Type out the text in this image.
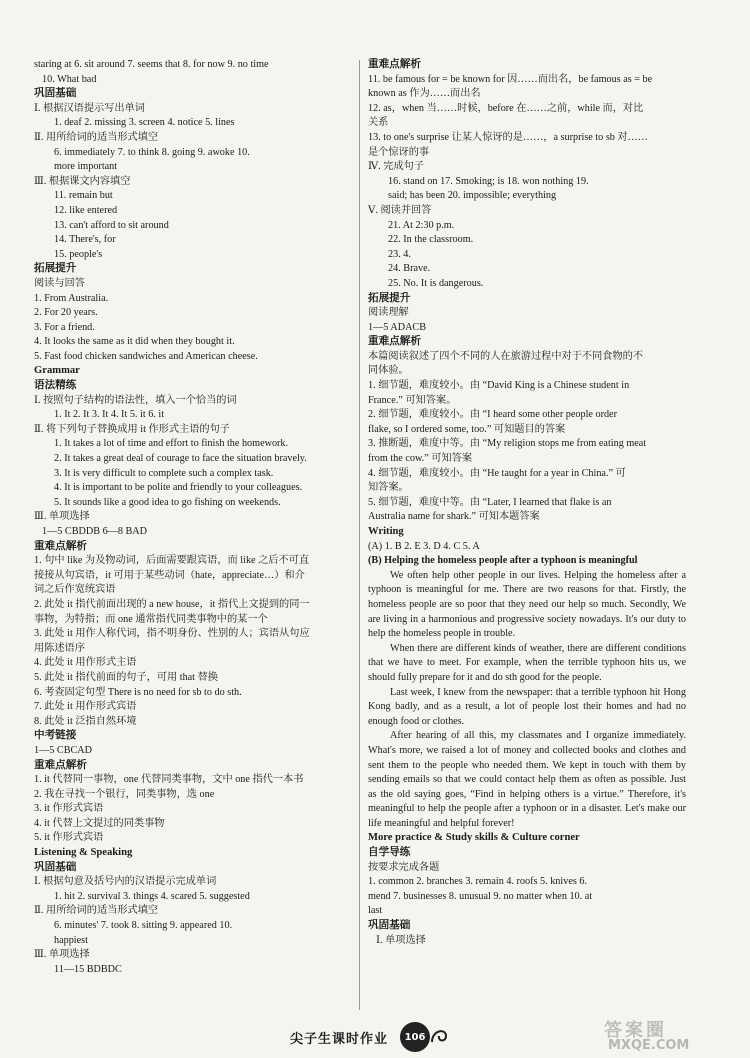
staring at 6. sit around 7. seems that 8. for now 9. no time
10. What bad
巩固基础
Ⅰ. 根据汉语提示写出单词
1. deaf 2. missing 3. screen 4. notice 5. lines
Ⅱ. 用所给词的适当形式填空
6. immediately 7. to think 8. going 9. awoke 10.
more important
Ⅲ. 根据课文内容填空
11. remain but
12. like entered
13. can't afford to sit around
14. There's, for
15. people's
拓展提升
阅读与回答
1. From Australia.
2. For 20 years.
3. For a friend.
4. It looks the same as it did when they bought it.
5. Fast food chicken sandwiches and American cheese.
Grammar
语法精练
Ⅰ. 按照句子结构的语法性，填入一个恰当的词
1. It 2. It 3. It 4. It 5. it 6. it
Ⅱ. 将下列句子替换成用 it 作形式主语的句子
1. It takes a lot of time and effort to finish the homework.
2. It takes a great deal of courage to face the situation bravely.
3. It is very difficult to complete such a complex task.
4. It is important to be polite and friendly to your colleagues.
5. It sounds like a good idea to go fishing on weekends.
Ⅲ. 单项选择
1—5 CBDDB 6—8 BAD
重难点解析
1. 句中 like 为及物动词，后面需要跟宾语，而 like 之后不可直
接接从句宾语，it 可用于某些动词（hate，appreciate…）和介
词之后作宽统宾语
2. 此处 it 指代前面出现的 a new house，it 指代上文提到的同一
事物，为特指；而 one 通常指代同类事物中的某一个
3. 此处 it 用作人称代词，指不明身份、性别的人；宾语从句应
用陈述语序
4. 此处 it 用作形式主语
5. 此处 it 指代前面的句子，可用 that 替换
6. 考查固定句型 There is no need for sb to do sth.
7. 此处 it 用作形式宾语
8. 此处 it 泛指自然环境
中考链接
1—5 CBCAD
重难点解析
1. it 代替同一事物，one 代替同类事物，文中 one 指代一本书
2. 我在寻找一个银行，同类事物，选 one
3. it 作形式宾语
4. it 代替上文提过的同类事物
5. it 作形式宾语
Listening & Speaking
巩固基础
Ⅰ. 根据句意及括号内的汉语提示完成单词
1. hit 2. survival 3. things 4. scared 5. suggested
Ⅱ. 用所给词的适当形式填空
6. minutes' 7. took 8. sitting 9. appeared 10.
happiest
Ⅲ. 单项选择
11—15 BDBDC
重难点解析
11. be famous for = be known for 因……而出名，be famous as = be
known as 作为……而出名
12. as，when 当……时候，before 在……之前，while 而，对比
关系
13. to one's surprise 让某人惊讶的是……，a surprise to sb 对……
是个惊讶的事
Ⅳ. 完成句子
16. stand on 17. Smoking; is 18. won nothing 19.
said; has been 20. impossible; everything
Ⅴ. 阅读并回答
21. At 2:30 p.m.
22. In the classroom.
23. 4.
24. Brave.
25. No. It is dangerous.
拓展提升
阅读理解
1—5 ADACB
重难点解析
本篇阅读叙述了四个不同的人在旅游过程中对于不同食物的不
同体验。
1. 细节题，难度较小。由 “David King is a Chinese student in
France.” 可知答案。
2. 细节题，难度较小。由 “I heard some other people order
flake, so I ordered some, too.” 可知题目的答案
3. 推断题，难度中等。由 “My religion stops me from eating meat
from the cow.” 可知答案
4. 细节题，难度较小。由 “He taught for a year in China.” 可
知答案。
5. 细节题，难度中等。由 “Later, I learned that flake is an
Australia name for shark.” 可知本题答案
Writing
(A) 1. B 2. E 3. D 4. C 5. A
(B) Helping the homeless people after a typhoon is meaningful
We often help other people in our lives. Helping the homeless after a typhoon is meaningful for me. There are two reasons for that. Firstly, the homeless people are so poor that they need our help so much. Secondly, We are living in a harmonious and progressive society nowadays. It's our duty to help the homeless people in trouble.
When there are different kinds of weather, there are different conditions that we have to meet. For example, when the terrible typhoon hits us, we should fully prepare for it and do sth good for the people.
Last week, I knew from the newspaper: that a terrible typhoon hit Hong Kong badly, and as a result, a lot of people lost their homes and had no enough food or clothes.
After hearing of all this, my classmates and I organize immediately. What's more, we raised a lot of money and collected books and clothes and sent them to the people who needed them. We kept in touch with them by sending emails so that we could contact help them as often as possible. Just as the old saying goes, “Find in helping others is a virtue.” Therefore, it's meaningful to help the people after a typhoon or in a disaster. Let's make our life meaningful and helpful forever!
More practice & Study skills & Culture corner
自学导练
按要求完成各题
1. common 2. branches 3. remain 4. roofs 5. knives 6.
mend 7. businesses 8. unusual 9. no matter when 10. at
last
巩固基础
Ⅰ. 单项选择
尖子生课时作业	106	答案圈
MXQE.COM
